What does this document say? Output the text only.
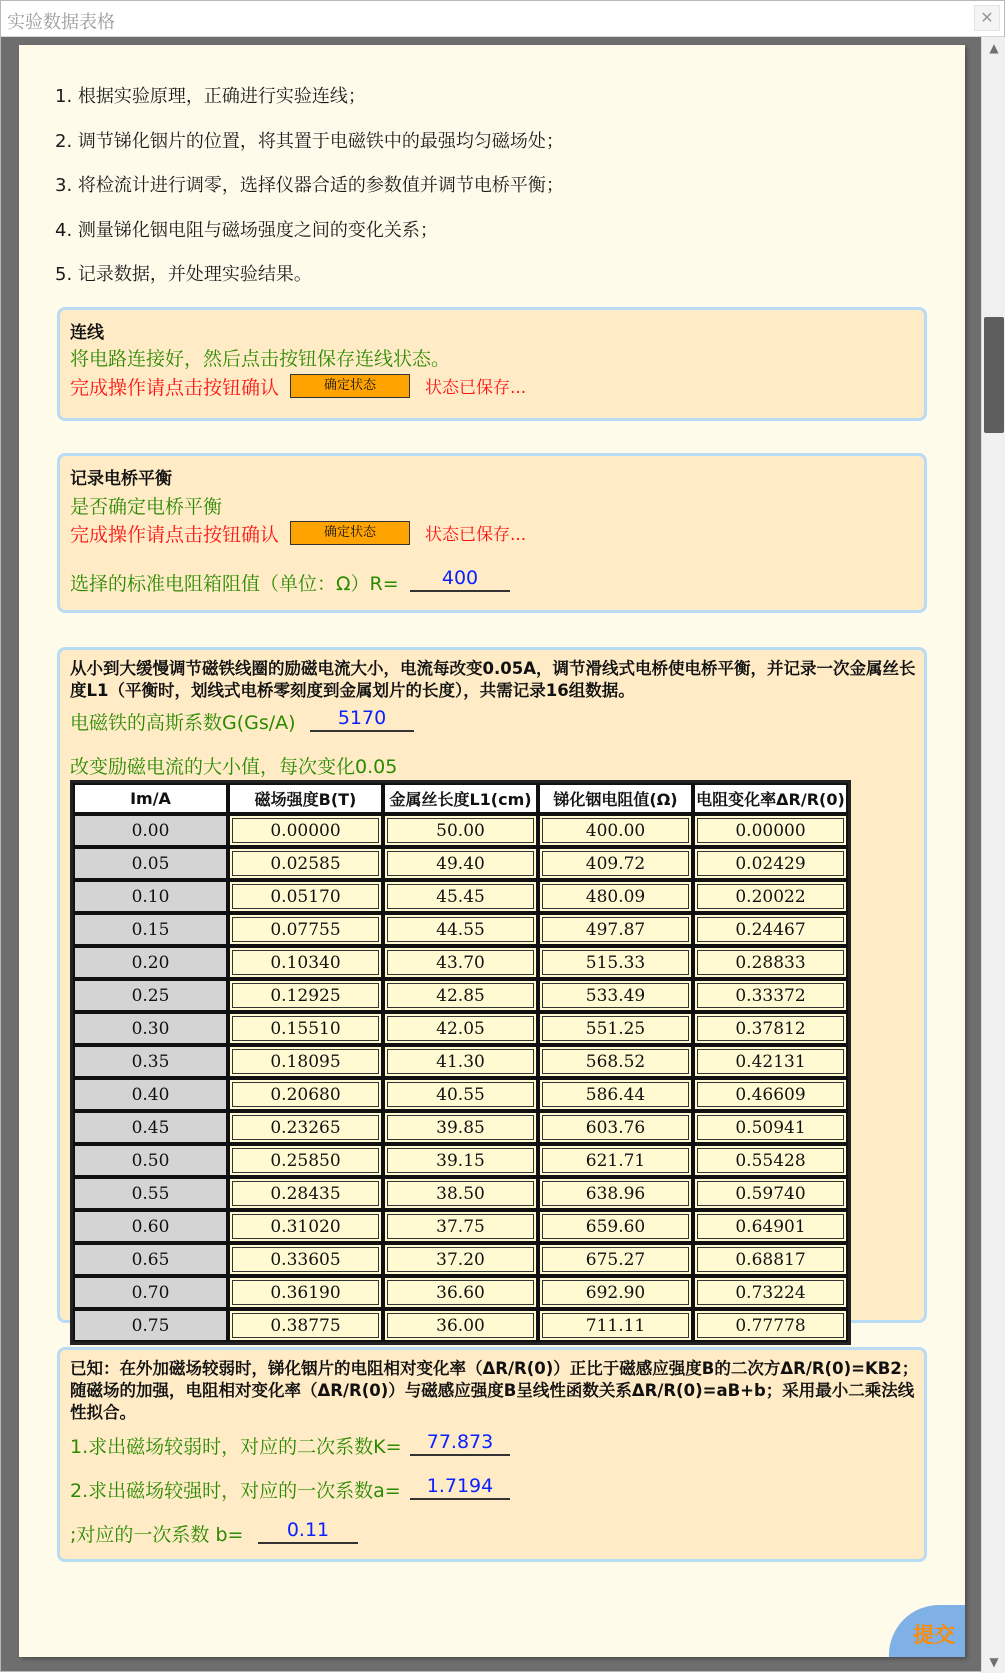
实验数据表格	✕
▲
▼
1. 根据实验原理，正确进行实验连线；
2. 调节锑化铟片的位置，将其置于电磁铁中的最强均匀磁场处；
3. 将检流计进行调零，选择仪器合适的参数值并调节电桥平衡；
4. 测量锑化铟电阻与磁场强度之间的变化关系；
5. 记录数据，并处理实验结果。
连线
将电路连接好，然后点击按钮保存连线状态。
完成操作请点击按钮确认	确定状态	状态已保存...
记录电桥平衡
是否确定电桥平衡
完成操作请点击按钮确认	确定状态	状态已保存...
选择的标准电阻箱阻值（单位：Ω）R=	400
从小到大缓慢调节磁铁线圈的励磁电流大小，电流每改变0.05A，调节滑线式电桥使电桥平衡，并记录一次金属丝长度L1（平衡时，划线式电桥零刻度到金属划片的长度），共需记录16组数据。
电磁铁的高斯系数G(Gs/A)	5170
改变励磁电流的大小值，每次变化0.05
Im/A	磁场强度B(T)	金属丝长度L1(cm)	锑化铟电阻值(Ω)	电阻变化率ΔR/R(0)
0.00	0.00000	50.00	400.00	0.00000

0.05	0.02585	49.40	409.72	0.02429

0.10	0.05170	45.45	480.09	0.20022

0.15	0.07755	44.55	497.87	0.24467

0.20	0.10340	43.70	515.33	0.28833

0.25	0.12925	42.85	533.49	0.33372

0.30	0.15510	42.05	551.25	0.37812

0.35	0.18095	41.30	568.52	0.42131

0.40	0.20680	40.55	586.44	0.46609

0.45	0.23265	39.85	603.76	0.50941

0.50	0.25850	39.15	621.71	0.55428

0.55	0.28435	38.50	638.96	0.59740

0.60	0.31020	37.75	659.60	0.64901

0.65	0.33605	37.20	675.27	0.68817

0.70	0.36190	36.60	692.90	0.73224

0.75	0.38775	36.00	711.11	0.77778
已知：在外加磁场较弱时，锑化铟片的电阻相对变化率（ΔR/R(0)）正比于磁感应强度B的二次方ΔR/R(0)=KB2；随磁场的加强，电阻相对变化率（ΔR/R(0)）与磁感应强度B呈线性函数关系ΔR/R(0)=aB+b；采用最小二乘法线性拟合。
1.求出磁场较弱时，对应的二次系数K=	77.873
2.求出磁场较强时，对应的一次系数a=	1.7194
;对应的一次系数 b=	0.11
提交
